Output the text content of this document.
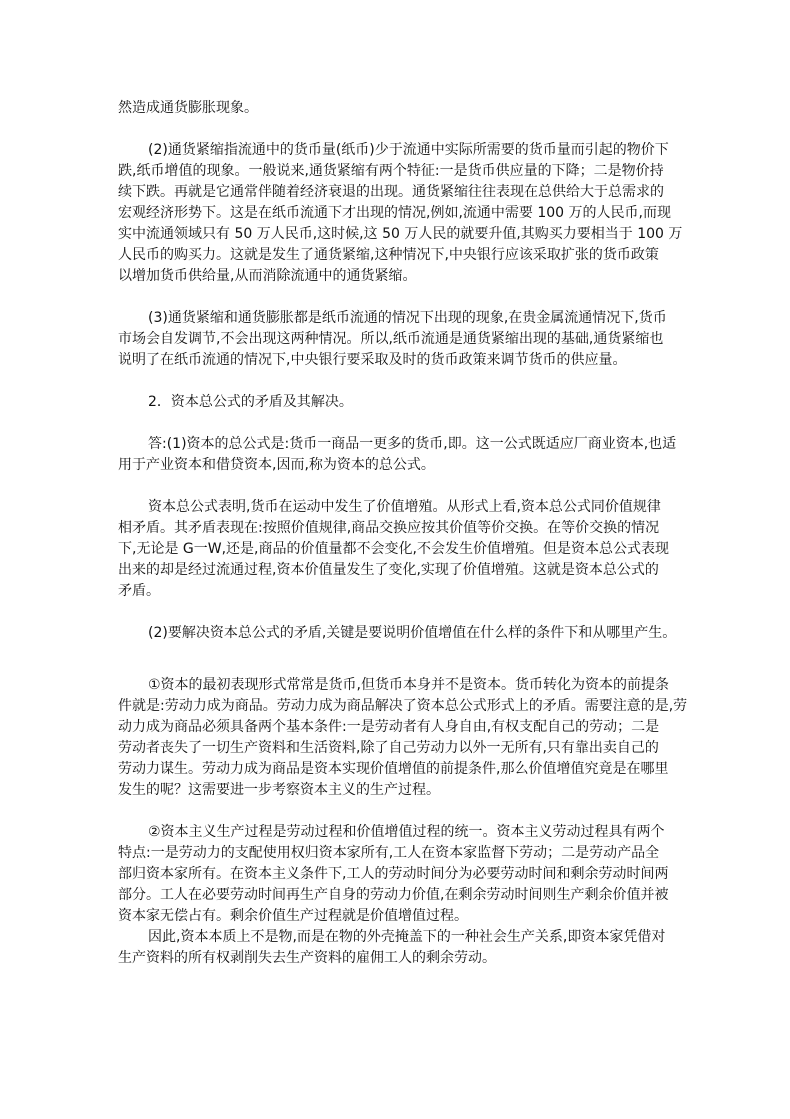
然造成通货膨胀现象。
(2)通货紧缩指流通中的货币量(纸币)少于流通中实际所需要的货币量而引起的物价下
跌,纸币增值的现象。一般说来,通货紧缩有两个特征:一是货币供应量的下降；二是物价持
续下跌。再就是它通常伴随着经济衰退的出现。通货紧缩往往表现在总供给大于总需求的
宏观经济形势下。这是在纸币流通下才出现的情况,例如,流通中需要 100 万的人民币,而现
实中流通领域只有 50 万人民币,这时候,这 50 万人民的就要升值,其购买力要相当于 100 万
人民币的购买力。这就是发生了通货紧缩,这种情况下,中央银行应该采取扩张的货币政策
以增加货币供给量,从而消除流通中的通货紧缩。
(3)通货紧缩和通货膨胀都是纸币流通的情况下出现的现象,在贵金属流通情况下,货币
市场会自发调节,不会出现这两种情况。所以,纸币流通是通货紧缩出现的基础,通货紧缩也
说明了在纸币流通的情况下,中央银行要采取及时的货币政策来调节货币的供应量。
2．资本总公式的矛盾及其解决。
答:(1)资本的总公式是:货币一商品一更多的货币,即。这一公式既适应厂商业资本,也适
用于产业资本和借贷资本,因而,称为资本的总公式。
资本总公式表明,货币在运动中发生了价值增殖。从形式上看,资本总公式同价值规律
相矛盾。其矛盾表现在:按照价值规律,商品交换应按其价值等价交换。在等价交换的情况
下,无论是 G一W,还是,商品的价值量都不会变化,不会发生价值增殖。但是资本总公式表现
出来的却是经过流通过程,资本价值量发生了变化,实现了价值增殖。这就是资本总公式的
矛盾。
(2)要解决资本总公式的矛盾,关键是要说明价值增值在什么样的条件下和从哪里产生。
①资本的最初表现形式常常是货币,但货币本身并不是资本。货币转化为资本的前提条
件就是:劳动力成为商品。劳动力成为商品解决了资本总公式形式上的矛盾。需要注意的是,劳
动力成为商品必须具备两个基本条件:一是劳动者有人身自由,有权支配自己的劳动；二是
劳动者丧失了一切生产资料和生活资料,除了自己劳动力以外一无所有,只有靠出卖自己的
劳动力谋生。劳动力成为商品是资本实现价值增值的前提条件,那么价值增值究竟是在哪里
发生的呢？这需要进一步考察资本主义的生产过程。
②资本主义生产过程是劳动过程和价值增值过程的统一。资本主义劳动过程具有两个
特点:一是劳动力的支配使用权归资本家所有,工人在资本家监督下劳动；二是劳动产品全
部归资本家所有。在资本主义条件下,工人的劳动时间分为必要劳动时间和剩余劳动时间两
部分。工人在必要劳动时间再生产自身的劳动力价值,在剩余劳动时间则生产剩余价值并被
资本家无偿占有。剩余价值生产过程就是价值增值过程。
因此,资本本质上不是物,而是在物的外壳掩盖下的一种社会生产关系,即资本家凭借对
生产资料的所有权剥削失去生产资料的雇佣工人的剩余劳动。
